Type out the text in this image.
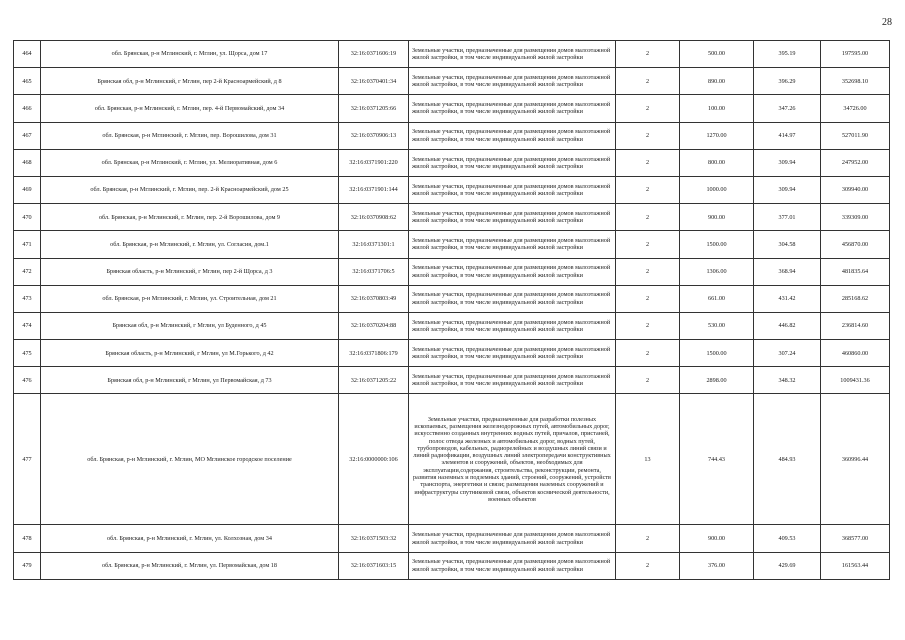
28
464	обл. Брянская, р-н Мглинский, г. Мглин, ул. Щорса, дом 17	32:16:0371606:19	Земельные участки, предназначенные для размещения домов малоэтажной жилой застройки, в том числе индивидуальной жилой застройки	2	500.00	395.19	197595.00
465	Брянская обл, р-н Мглинский, г Мглин, пер 2-й Красноармейский, д 8	32:16:0370401:34	Земельные участки, предназначенные для размещения домов малоэтажной жилой застройки, в том числе индивидуальной жилой застройки	2	890.00	396.29	352698.10
466	обл. Брянская, р-н Мглинский, г. Мглин, пер. 4-й Первомайский, дом 34	32:16:0371205:66	Земельные участки, предназначенные для размещения домов малоэтажной жилой застройки, в том числе индивидуальной жилой застройки	2	100.00	347.26	34726.00
467	обл. Брянская, р-н Мглинский, г. Мглин, пер. Ворошилова, дом 31	32:16:0370906:13	Земельные участки, предназначенные для размещения домов малоэтажной жилой застройки, в том числе индивидуальной жилой застройки	2	1270.00	414.97	527011.90
468	обл. Брянская, р-н Мглинский, г. Мглин, ул. Мелиоративная, дом 6	32:16:0371901:220	Земельные участки, предназначенные для размещения домов малоэтажной жилой застройки, в том числе индивидуальной жилой застройки	2	800.00	309.94	247952.00
469	обл. Брянская, р-н Мглинский, г. Мглин, пер. 2-й Красноармейский, дом 25	32:16:0371901:144	Земельные участки, предназначенные для размещения домов малоэтажной жилой застройки, в том числе индивидуальной жилой застройки	2	1000.00	309.94	309940.00
470	обл. Брянская, р-н Мглинский, г. Мглин, пер. 2-й Ворошилова, дом 9	32:16:0370908:62	Земельные участки, предназначенные для размещения домов малоэтажной жилой застройки, в том числе индивидуальной жилой застройки	2	900.00	377.01	339309.00
471	обл. Брянская, р-н Мглинский, г. Мглин, ул. Согласия, дом.1	32:16:0371301:1	Земельные участки, предназначенные для размещения домов малоэтажной жилой застройки, в том числе индивидуальной жилой застройки	2	1500.00	304.58	456870.00
472	Брянская область, р-н Мглинский, г Мглин, пер 2-й Щорса, д 3	32:16:0371706:5	Земельные участки, предназначенные для размещения домов малоэтажной жилой застройки, в том числе индивидуальной жилой застройки	2	1306.00	368.94	481835.64
473	обл. Брянская, р-н Мглинский, г. Мглин, ул. Строительная, дом 21	32:16:0370803:49	Земельные участки, предназначенные для размещения домов малоэтажной жилой застройки, в том числе индивидуальной жилой застройки	2	661.00	431.42	285168.62
474	Брянская обл, р-н Мглинский, г Мглин, ул Буденного, д 45	32:16:0370204:88	Земельные участки, предназначенные для размещения домов малоэтажной жилой застройки, в том числе индивидуальной жилой застройки	2	530.00	446.82	236814.60
475	Брянская область, р-н Мглинский, г Мглин, ул М.Горького, д 42	32:16:0371806:179	Земельные участки, предназначенные для размещения домов малоэтажной жилой застройки, в том числе индивидуальной жилой застройки	2	1500.00	307.24	460860.00
476	Брянская обл, р-н Мглинский, г Мглин, ул Первомайская, д 73	32:16:0371205:22	Земельные участки, предназначенные для размещения домов малоэтажной жилой застройки, в том числе индивидуальной жилой застройки	2	2898.00	348.32	1009431.36
477	обл. Брянская, р-н Мглинский, г. Мглин, МО Мглинское городское поселение	32:16:0000000:106	Земельные участки, предназначенные для разработки полезных ископаемых, размещения железнодорожных путей, автомобильных дорог, искусственно созданных внутренних водных путей, причалов, пристаней, полос отвода железных и автомобильных дорог, водных путей, трубопроводов, кабельных, радиорелейных и воздушных линий связи и линий радиофикации, воздушных линий электропередачи конструктивных элементов и сооружений, объектов, необходимых для эксплуатации,содержания, строительства, реконструкции, ремонта, развития наземных и подземных зданий, строений, сооружений, устройств транспорта, энергетики и связи; размещения наземных сооружений и инфраструктуры спутниковой связи, объектов космической деятельности, военных объектов	13	744.43	484.93	360996.44
478	обл. Брянская, р-н Мглинский, г. Мглин, ул. Колхозная, дом 34	32:16:0371503:32	Земельные участки, предназначенные для размещения домов малоэтажной жилой застройки, в том числе индивидуальной жилой застройки	2	900.00	409.53	368577.00
479	обл. Брянская, р-н Мглинский, г. Мглин, ул. Первомайская, дом 18	32:16:0371603:15	Земельные участки, предназначенные для размещения домов малоэтажной жилой застройки, в том числе индивидуальной жилой застройки	2	376.00	429.69	161563.44
